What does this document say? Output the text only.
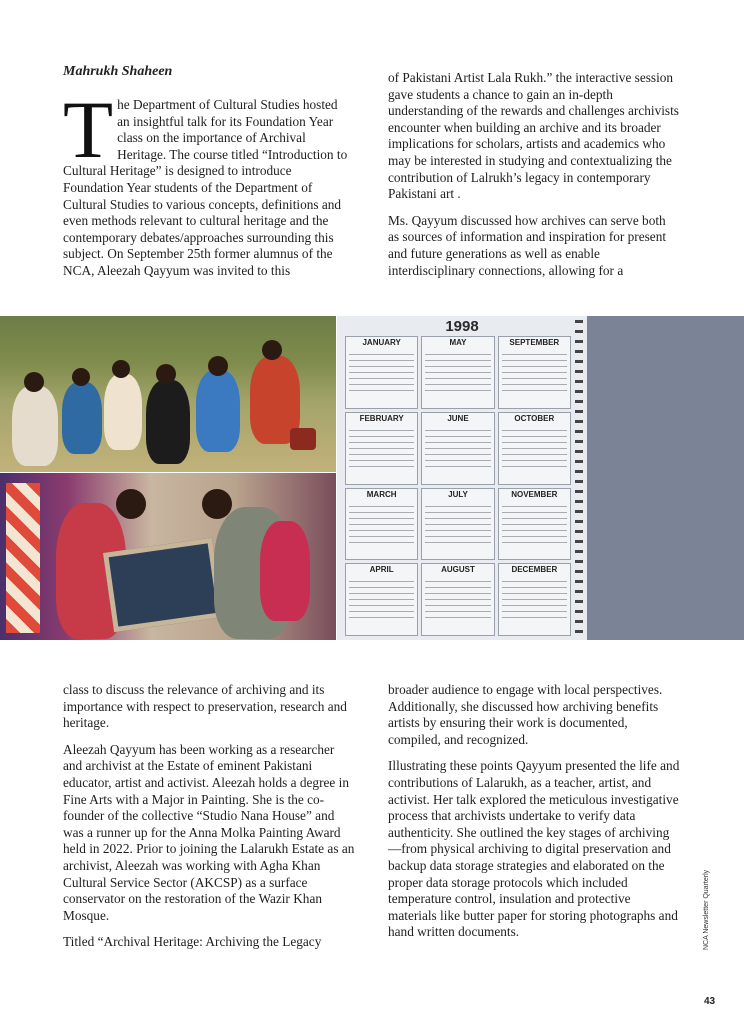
Mahrukh Shaheen

The Department of Cultural Studies hosted an insightful talk for its Foundation Year class on the importance of Archival Heritage. The course titled “Introduction to Cultural Heritage” is designed to introduce Foundation Year students of the Department of Cultural Studies to various concepts, definitions and even methods relevant to cultural heritage and the contemporary debates/approaches surrounding this subject. On September 25th former alumnus of the NCA, Aleezah Qayyum was invited to this

of Pakistani Artist Lala Rukh.” the interactive session gave students a chance to gain an in-depth understanding of the rewards and challenges archivists encounter when building an archive and its broader implications for scholars, artists and academics who may be interested in studying and contextualizing the contribution of Lalrukh’s legacy in contemporary Pakistani art .

Ms. Qayyum discussed how archives can serve both as sources of information and inspiration for present and future generations as well as enable interdisciplinary connections, allowing for a

1998
JANUARY	MAY	SEPTEMBER
FEBRUARY	JUNE	OCTOBER
MARCH	JULY	NOVEMBER
APRIL	AUGUST	DECEMBER

class to discuss the relevance of archiving and its importance with respect to preservation, research and heritage.

Aleezah Qayyum has been working as a researcher and archivist at the Estate of eminent Pakistani educator, artist and activist. Aleezah holds a degree in Fine Arts with a Major in Painting. She is the co-founder of the collective “Studio Nana House” and was a runner up for the Anna Molka Painting Award held in 2022. Prior to joining the Lalarukh Estate as an archivist, Aleezah was working with Agha Khan Cultural Service Sector (AKCSP) as a surface conservator on the restoration of the Wazir Khan Mosque.

Titled “Archival Heritage: Archiving the Legacy

broader audience to engage with local perspectives. Additionally, she discussed how archiving benefits artists by ensuring their work is documented, compiled, and recognized.

Illustrating these points Qayyum presented the life and contributions of Lalarukh, as a teacher, artist, and activist. Her talk explored the meticulous investigative process that archivists undertake to verify data authenticity. She outlined the key stages of archiving—from physical archiving to digital preservation and backup data storage strategies and elaborated on the proper data storage protocols which included temperature control, insulation and protective materials like butter paper for storing photographs and hand written documents.	NCA Newsletter Quarterly
43
